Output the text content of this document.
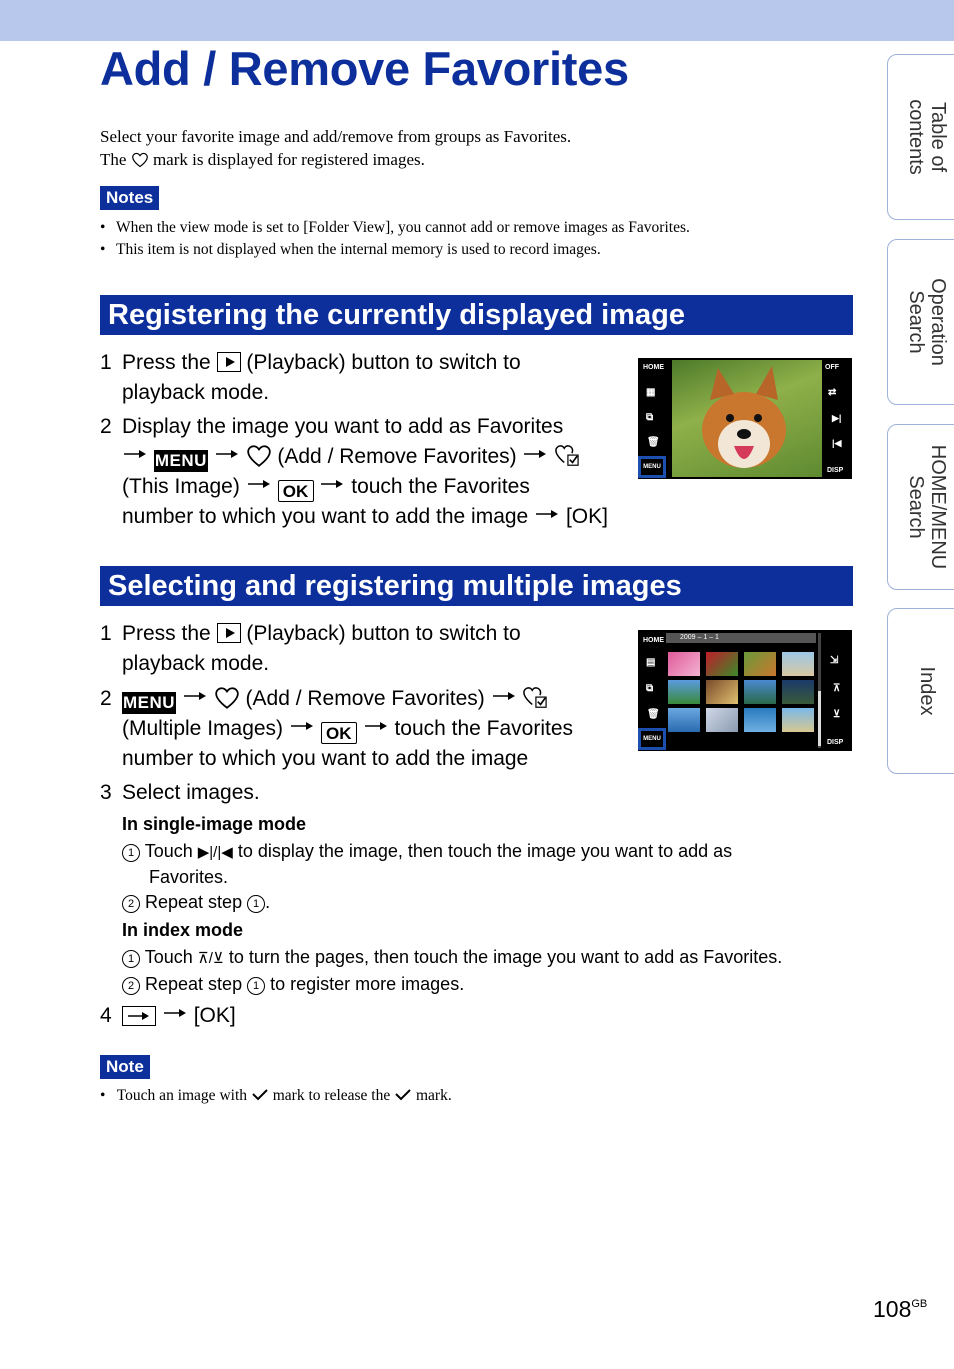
Add / Remove Favorites

Select your favorite image and add/remove from groups as Favorites.

The mark is displayed for registered images.

Notes
• When the view mode is set to [Folder View], you cannot add or remove images as Favorites.
• This item is not displayed when the internal memory is used to record images.
Registering the currently displayed image
1 Press the (Playback) button to switch to
playback mode.
2 Display the image you want to add as Favorites
MENU	(Add / Remove Favorites)
(This Image)	OK touch the Favorites
number to which you want to add the image [OK]
HOME
▦
⧉
🗑
OFF
⇄
▶|
|◀
DISP
MENU
Selecting and registering multiple images
1 Press the (Playback) button to switch to
playback mode.
2 MENU	(Add / Remove Favorites)
(Multiple Images)	OK touch the Favorites
number to which you want to add the image
HOME	2009 – 1 – 1
▤
⧉
🗑
⇲
⊼
⊻
DISP
MENU
3 Select images.
In single-image mode
1 Touch ▶|/|◀ to display the image, then touch the image you want to add as
Favorites.
2 Repeat step 1 .
In index mode
1 Touch ⊼/⊻ to turn the pages, then touch the image you want to add as Favorites.
2 Repeat step 1 to register more images.
4	[OK]
Note
•   Touch an image with mark to release the mark.
Table of contents
Operation Search
HOME/MENU Search
Index
$108^{GB}$
